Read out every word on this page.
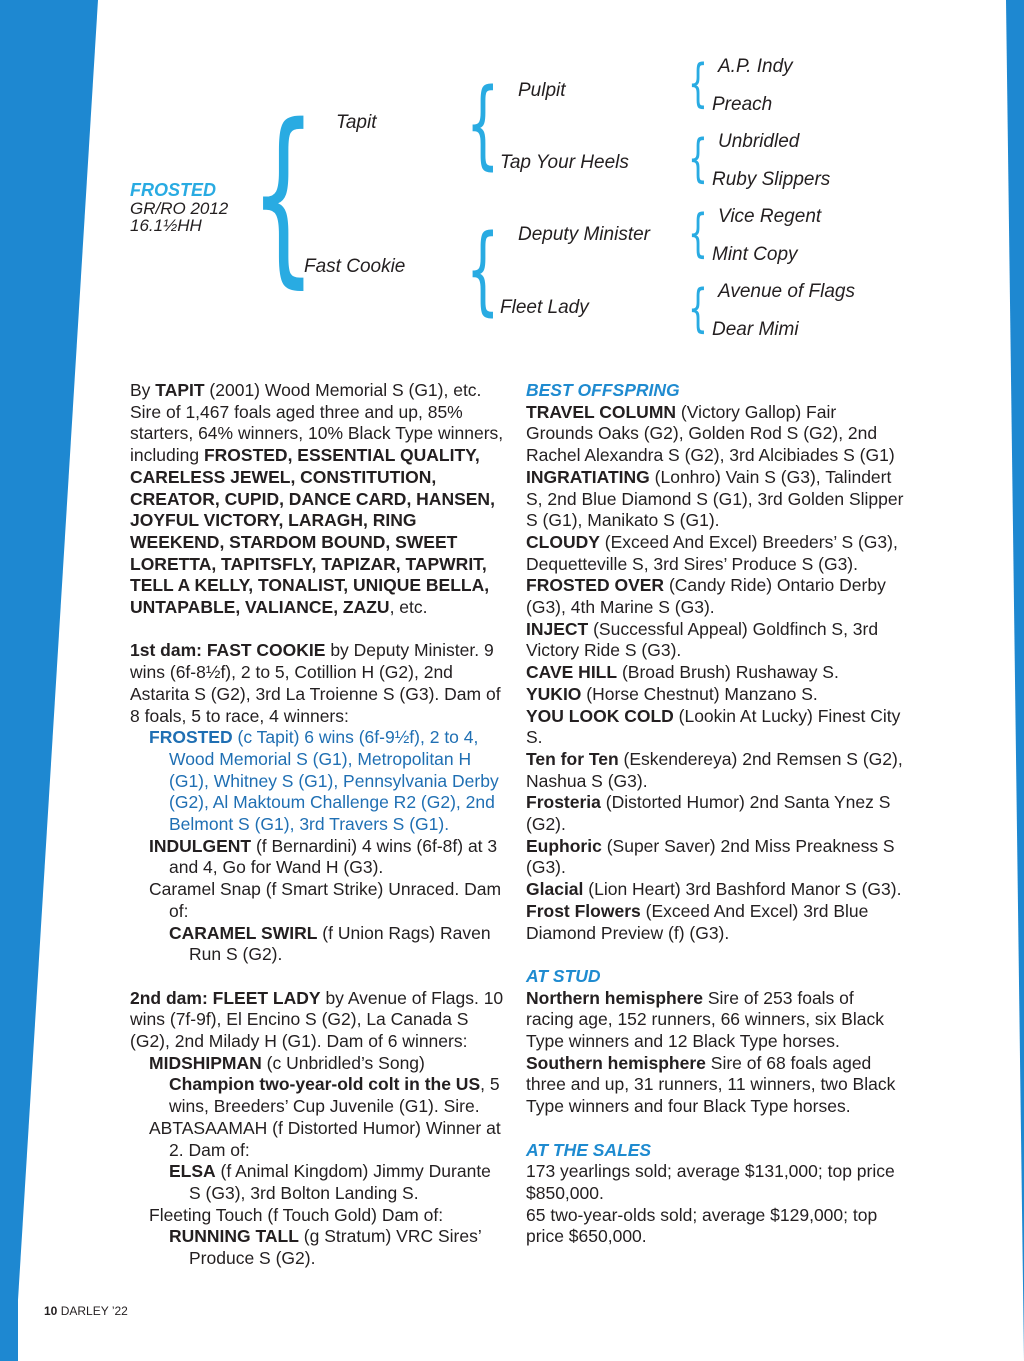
FROSTED
GR/RO 2012
16.1½HH { Tapit
Fast Cookie
{ Pulpit
Tap Your Heels
{ Deputy Minister
Fleet Lady
{ A.P. Indy
Preach
{ Unbridled
Ruby Slippers
{ Vice Regent
Mint Copy
{ Avenue of Flags
Dear Mimi

By TAPIT (2001) Wood Memorial S (G1), etc. Sire of 1,467 foals aged three and up, 85% starters, 64% winners, 10% Black Type winners, including FROSTED, ESSENTIAL QUALITY, CARELESS JEWEL, CONSTITUTION, CREATOR, CUPID, DANCE CARD, HANSEN, JOYFUL VICTORY, LARAGH, RING WEEKEND, STARDOM BOUND, SWEET LORETTA, TAPITSFLY, TAPIZAR, TAPWRIT, TELL A KELLY, TONALIST, UNIQUE BELLA, UNTAPABLE, VALIANCE, ZAZU, etc.

1st dam: FAST COOKIE by Deputy Minister. 9 wins (6f-8½f), 2 to 5, Cotillion H (G2), 2nd Astarita S (G2), 3rd La Troienne S (G3). Dam of 8 foals, 5 to race, 4 winners:

FROSTED (c Tapit) 6 wins (6f-9½f), 2 to 4, Wood Memorial S (G1), Metropolitan H (G1), Whitney S (G1), Pennsylvania Derby (G2), Al Maktoum Challenge R2 (G2), 2nd Belmont S (G1), 3rd Travers S (G1).

INDULGENT (f Bernardini) 4 wins (6f-8f) at 3 and 4, Go for Wand H (G3).

Caramel Snap (f Smart Strike) Unraced. Dam of:

CARAMEL SWIRL (f Union Rags) Raven Run S (G2).

2nd dam: FLEET LADY by Avenue of Flags. 10 wins (7f-9f), El Encino S (G2), La Canada S (G2), 2nd Milady H (G1). Dam of 6 winners:

MIDSHIPMAN (c Unbridled’s Song)
Champion two-year-old colt in the US, 5 wins, Breeders’ Cup Juvenile (G1). Sire.

ABTASAAMAH (f Distorted Humor) Winner at 2. Dam of:

ELSA (f Animal Kingdom) Jimmy Durante S (G3), 3rd Bolton Landing S.

Fleeting Touch (f Touch Gold) Dam of:

RUNNING TALL (g Stratum) VRC Sires’ Produce S (G2).

BEST OFFSPRING

TRAVEL COLUMN (Victory Gallop) Fair Grounds Oaks (G2), Golden Rod S (G2), 2nd Rachel Alexandra S (G2), 3rd Alcibiades S (G1)

INGRATIATING (Lonhro) Vain S (G3), Talindert S, 2nd Blue Diamond S (G1), 3rd Golden Slipper S (G1), Manikato S (G1).

CLOUDY (Exceed And Excel) Breeders’ S (G3), Dequetteville S, 3rd Sires’ Produce S (G3).

FROSTED OVER (Candy Ride) Ontario Derby (G3), 4th Marine S (G3).

INJECT (Successful Appeal) Goldfinch S, 3rd Victory Ride S (G3).

CAVE HILL (Broad Brush) Rushaway S.

YUKIO (Horse Chestnut) Manzano S.

YOU LOOK COLD (Lookin At Lucky) Finest City S.

Ten for Ten (Eskendereya) 2nd Remsen S (G2), Nashua S (G3).

Frosteria (Distorted Humor) 2nd Santa Ynez S (G2).

Euphoric (Super Saver) 2nd Miss Preakness S (G3).

Glacial (Lion Heart) 3rd Bashford Manor S (G3).

Frost Flowers (Exceed And Excel) 3rd Blue Diamond Preview (f) (G3).

AT STUD

Northern hemisphere Sire of 253 foals of racing age, 152 runners, 66 winners, six Black Type winners and 12 Black Type horses.

Southern hemisphere Sire of 68 foals aged three and up, 31 runners, 11 winners, two Black Type winners and four Black Type horses.

AT THE SALES

173 yearlings sold; average $131,000; top price $850,000.

65 two-year-olds sold; average $129,000; top price $650,000.

10 DARLEY ’22
